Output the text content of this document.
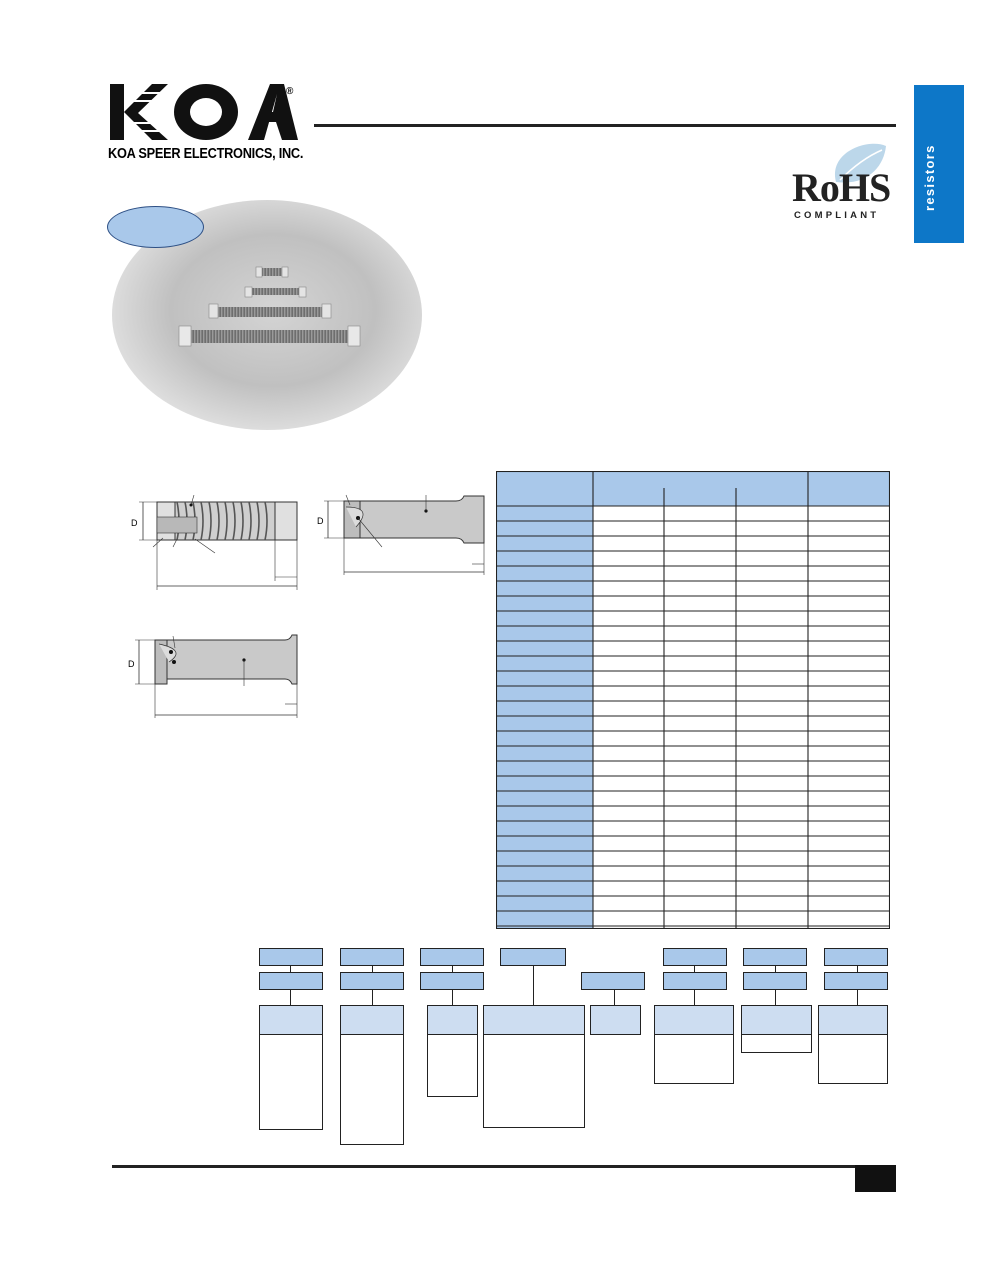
®
KOA SPEER ELECTRONICS, INC.	resistors
RoHS
COMPLIANT
D	D
D
